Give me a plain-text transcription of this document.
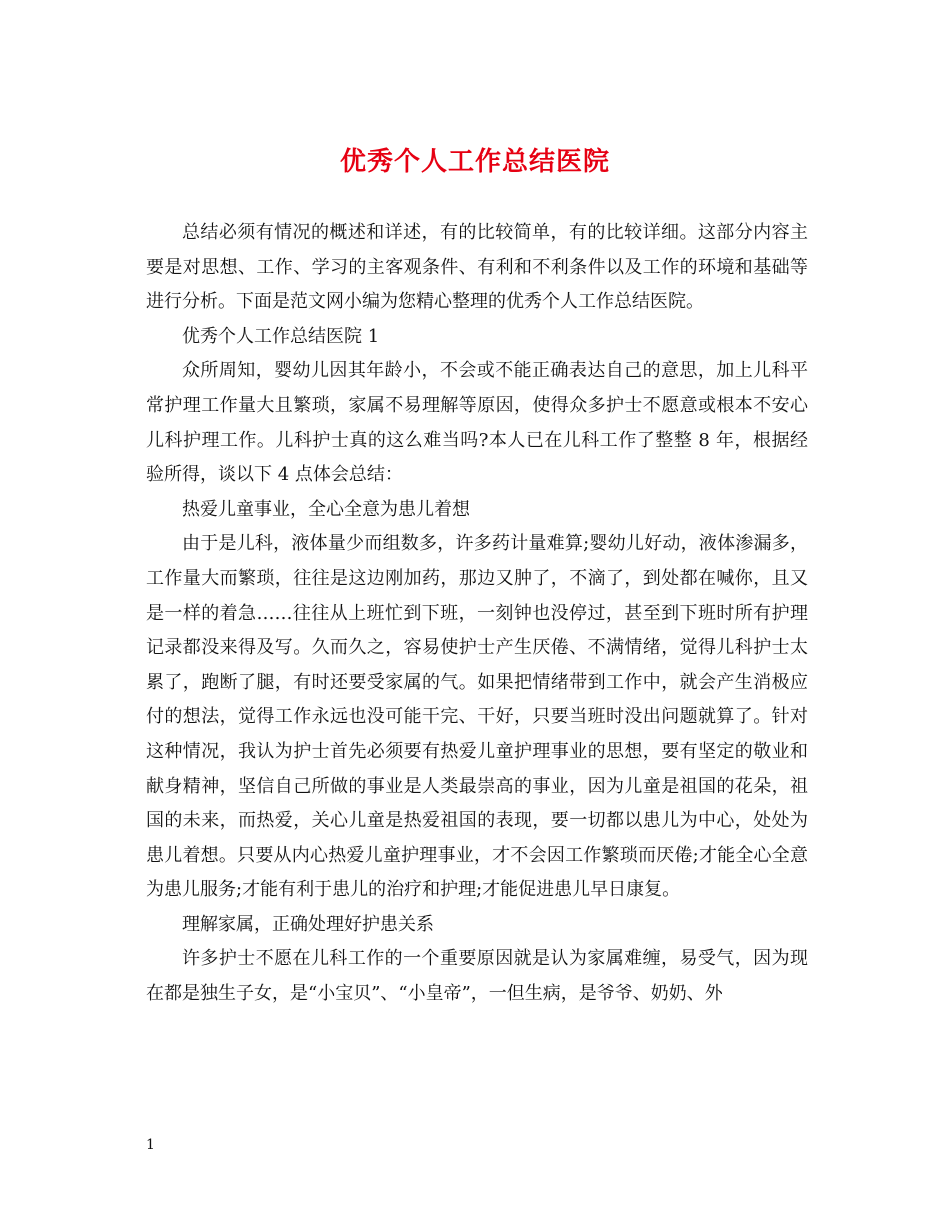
优秀个人工作总结医院

总结必须有情况的概述和详述，有的比较简单，有的比较详细。这部分内容主要是对思想、工作、学习的主客观条件、有利和不利条件以及工作的环境和基础等进行分析。下面是范文网小编为您精心整理的优秀个人工作总结医院。

优秀个人工作总结医院 1

众所周知，婴幼儿因其年龄小，不会或不能正确表达自己的意思，加上儿科平常护理工作量大且繁琐，家属不易理解等原因，使得众多护士不愿意或根本不安心儿科护理工作。儿科护士真的这么难当吗?本人已在儿科工作了整整 8 年，根据经验所得，谈以下 4 点体会总结：

热爱儿童事业，全心全意为患儿着想

由于是儿科，液体量少而组数多，许多药计量难算;婴幼儿好动，液体渗漏多，工作量大而繁琐，往往是这边刚加药，那边又肿了，不滴了，到处都在喊你，且又是一样的着急……往往从上班忙到下班，一刻钟也没停过，甚至到下班时所有护理记录都没来得及写。久而久之，容易使护士产生厌倦、不满情绪，觉得儿科护士太累了，跑断了腿，有时还要受家属的气。如果把情绪带到工作中，就会产生消极应付的想法，觉得工作永远也没可能干完、干好，只要当班时没出问题就算了。针对这种情况，我认为护士首先必须要有热爱儿童护理事业的思想，要有坚定的敬业和献身精神，坚信自己所做的事业是人类最崇高的事业，因为儿童是祖国的花朵，祖国的未来，而热爱，关心儿童是热爱祖国的表现，要一切都以患儿为中心，处处为患儿着想。只要从内心热爱儿童护理事业，才不会因工作繁琐而厌倦;才能全心全意为患儿服务;才能有利于患儿的治疗和护理;才能促进患儿早日康复。

理解家属，正确处理好护患关系

许多护士不愿在儿科工作的一个重要原因就是认为家属难缠，易受气，因为现在都是独生子女，是“小宝贝”、“小皇帝”，一但生病，是爷爷、奶奶、外

1
